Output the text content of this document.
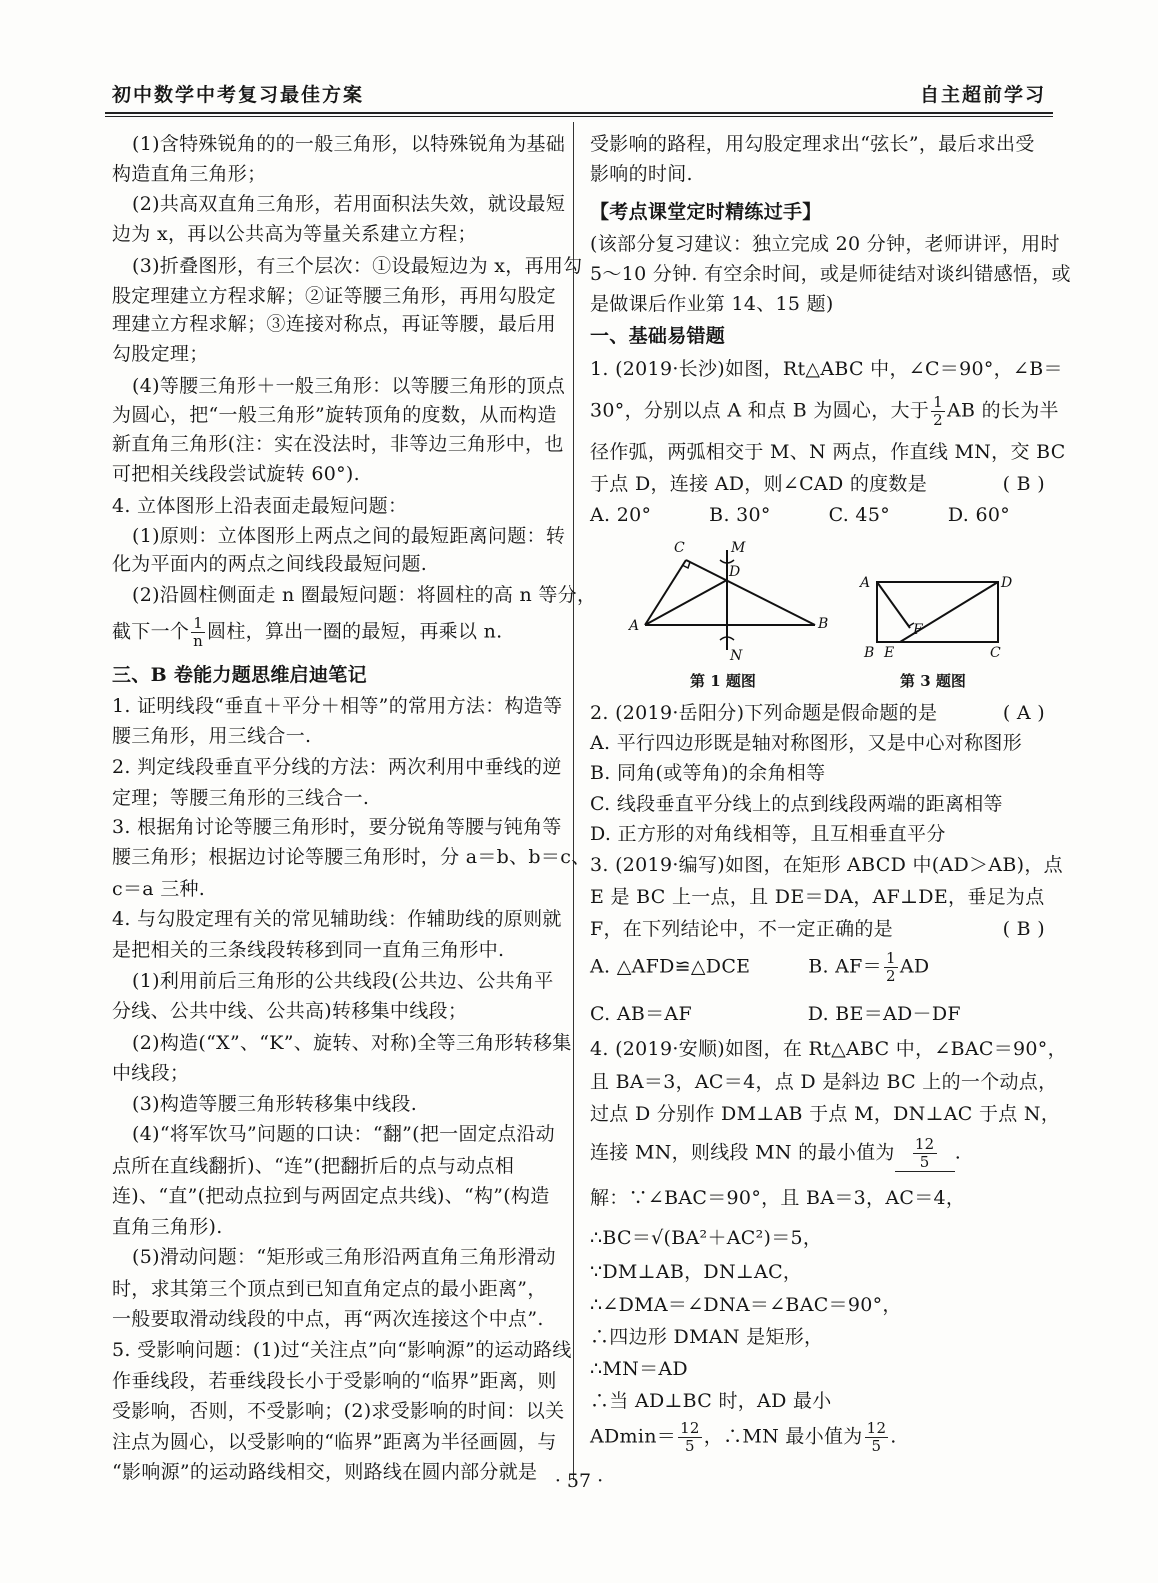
初中数学中考复习最佳方案	自主超前学习
(1)含特殊锐角的的一般三角形，以特殊锐角为基础
构造直角三角形；
(2)共高双直角三角形，若用面积法失效，就设最短
边为 x，再以公共高为等量关系建立方程；
(3)折叠图形，有三个层次：①设最短边为 x，再用勾
股定理建立方程求解；②证等腰三角形，再用勾股定
理建立方程求解；③连接对称点，再证等腰，最后用
勾股定理；
(4)等腰三角形＋一般三角形：以等腰三角形的顶点
为圆心，把“一般三角形”旋转顶角的度数，从而构造
新直角三角形(注：实在没法时，非等边三角形中，也
可把相关线段尝试旋转 60°).
4. 立体图形上沿表面走最短问题：
(1)原则：立体图形上两点之间的最短距离问题：转
化为平面内的两点之间线段最短问题.
(2)沿圆柱侧面走 n 圈最短问题：将圆柱的高 n 等分，
截下一个 $\frac{1}{n}$ 圆柱，算出一圈的最短，再乘以 n.
三、B 卷能力题思维启迪笔记
1. 证明线段“垂直＋平分＋相等”的常用方法：构造等
腰三角形，用三线合一.
2. 判定线段垂直平分线的方法：两次利用中垂线的逆
定理；等腰三角形的三线合一.
3. 根据角讨论等腰三角形时，要分锐角等腰与钝角等
腰三角形；根据边讨论等腰三角形时，分 a＝b、b＝c、
c＝a 三种.
4. 与勾股定理有关的常见辅助线：作辅助线的原则就
是把相关的三条线段转移到同一直角三角形中.
(1)利用前后三角形的公共线段(公共边、公共角平
分线、公共中线、公共高)转移集中线段；
(2)构造(“X”、“K”、旋转、对称)全等三角形转移集
中线段；
(3)构造等腰三角形转移集中线段.
(4)“将军饮马”问题的口诀：“翻”(把一固定点沿动
点所在直线翻折)、“连”(把翻折后的点与动点相
连)、“直”(把动点拉到与两固定点共线)、“构”(构造
直角三角形).
(5)滑动问题：“矩形或三角形沿两直角三角形滑动
时，求其第三个顶点到已知直角定点的最小距离”，
一般要取滑动线段的中点，再“两次连接这个中点”.
5. 受影响问题：(1)过“关注点”向“影响源”的运动路线
作垂线段，若垂线段长小于受影响的“临界”距离，则
受影响，否则，不受影响；(2)求受影响的时间：以关
注点为圆心，以受影响的“临界”距离为半径画圆，与
“影响源”的运动路线相交，则路线在圆内部分就是
受影响的路程，用勾股定理求出“弦长”，最后求出受
影响的时间.
【考点课堂定时精练过手】
(该部分复习建议：独立完成 20 分钟，老师讲评，用时
5～10 分钟. 有空余时间，或是师徒结对谈纠错感悟，或
是做课后作业第 14、15 题)
一、基础易错题
1. (2019·长沙)如图，Rt△ABC 中，∠C＝90°，∠B＝
30°，分别以点 A 和点 B 为圆心，大于 $\frac{1}{2}$ AB 的长为半
径作弧，两弧相交于 M、N 两点，作直线 MN，交 BC
于点 D，连接 AD，则∠CAD 的度数是	( B )
A. 20°　　　B. 30°　　　C. 45°　　　D. 60°
2. (2019·岳阳分)下列命题是假命题的是	( A )
A. 平行四边形既是轴对称图形，又是中心对称图形
B. 同角(或等角)的余角相等
C. 线段垂直平分线上的点到线段两端的距离相等
D. 正方形的对角线相等，且互相垂直平分
3. (2019·编写)如图，在矩形 ABCD 中(AD＞AB)，点
E 是 BC 上一点，且 DE＝DA，AF⊥DE，垂足为点
F，在下列结论中，不一定正确的是	( B )
A. △AFD≌△DCE　　　B. $AF= \frac{1}{2}$ AD
C. AB＝AF　　　　　　D. BE＝AD－DF
4. (2019·安顺)如图，在 Rt△ABC 中，∠BAC＝90°，
且 BA＝3，AC＝4，点 D 是斜边 BC 上的一个动点，
过点 D 分别作 DM⊥AB 于点 M，DN⊥AC 于点 N，
连接 MN，则线段 MN 的最小值为 $\frac{12}{5}$ .
解：∵∠BAC＝90°，且 BA＝3，AC＝4，
∴BC＝√(BA²＋AC²)＝5，
∵DM⊥AB，DN⊥AC，
∴∠DMA＝∠DNA＝∠BAC＝90°，
∴四边形 DMAN 是矩形，
∴MN＝AD
∴当 AD⊥BC 时，AD 最小
$ADmin= \frac{12}{5}$ ，∴MN 最小值为 $\frac{12}{5}$ .
C	M
D
A	B
N
A	D
F
B E	C
第 1 题图	第 3 题图
· 57 ·
